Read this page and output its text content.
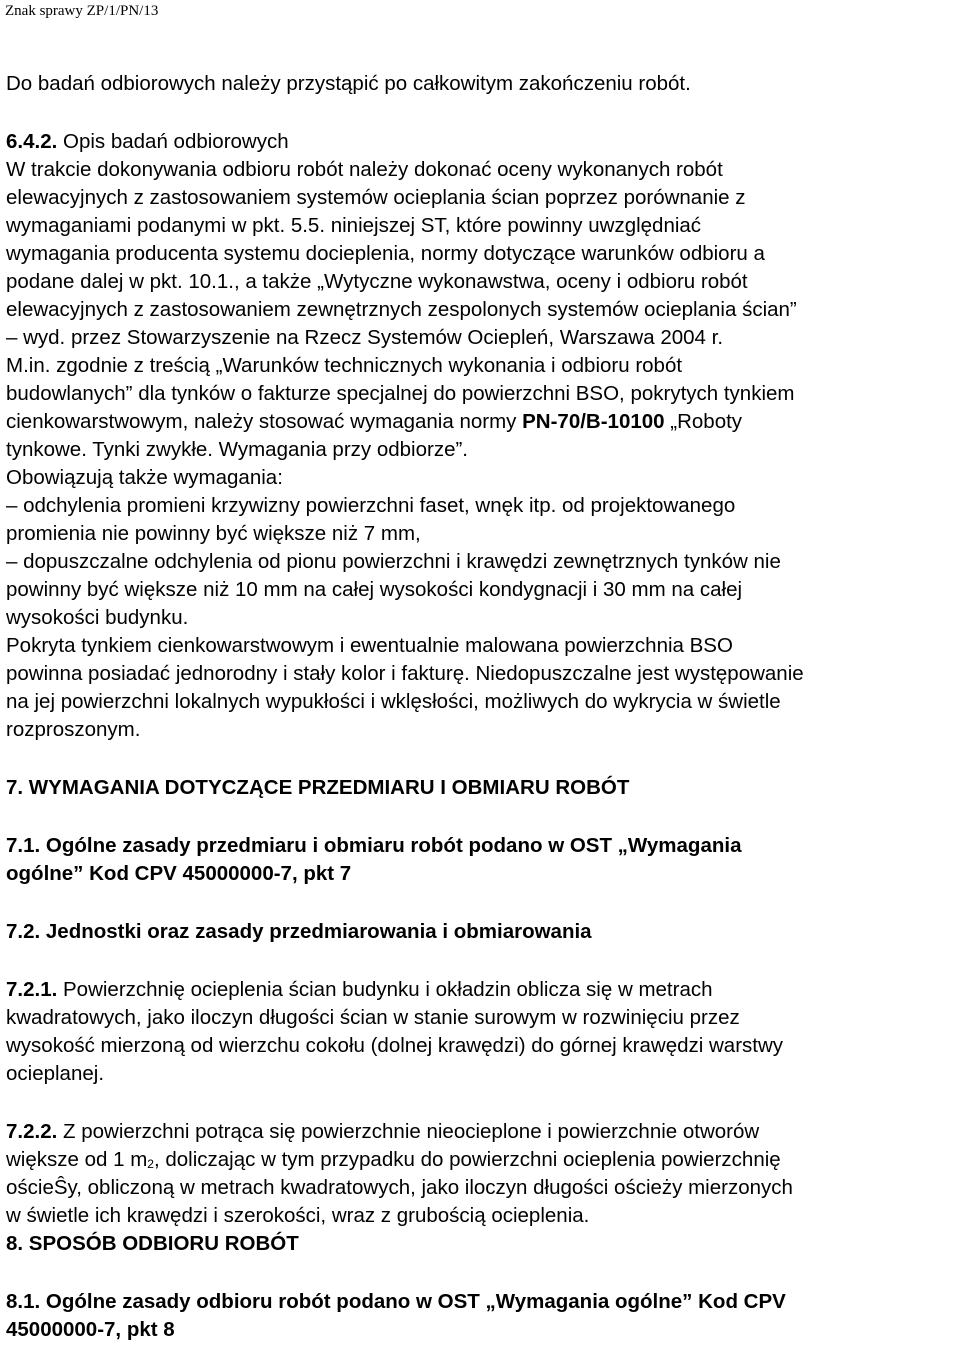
Znak sprawy ZP/1/PN/13
Do badań odbiorowych należy przystąpić po całkowitym zakończeniu robót.
6.4.2. Opis badań odbiorowych
W trakcie dokonywania odbioru robót należy dokonać oceny wykonanych robót
elewacyjnych z zastosowaniem systemów ocieplania ścian poprzez porównanie z
wymaganiami podanymi w pkt. 5.5. niniejszej ST, które powinny uwzględniać
wymagania producenta systemu docieplenia, normy dotyczące warunków odbioru a
podane dalej w pkt. 10.1., a także „Wytyczne wykonawstwa, oceny i odbioru robót
elewacyjnych z zastosowaniem zewnętrznych zespolonych systemów ocieplania ścian”
– wyd. przez Stowarzyszenie na Rzecz Systemów Ociepleń, Warszawa 2004 r.
M.in. zgodnie z treścią „Warunków technicznych wykonania i odbioru robót
budowlanych” dla tynków o fakturze specjalnej do powierzchni BSO, pokrytych tynkiem
cienkowarstwowym, należy stosować wymagania normy PN-70/B-10100 „Roboty
tynkowe. Tynki zwykłe. Wymagania przy odbiorze”.
Obowiązują także wymagania:
– odchylenia promieni krzywizny powierzchni faset, wnęk itp. od projektowanego
promienia nie powinny być większe niż 7 mm,
– dopuszczalne odchylenia od pionu powierzchni i krawędzi zewnętrznych tynków nie
powinny być większe niż 10 mm na całej wysokości kondygnacji i 30 mm na całej
wysokości budynku.
Pokryta tynkiem cienkowarstwowym i ewentualnie malowana powierzchnia BSO
powinna posiadać jednorodny i stały kolor i fakturę. Niedopuszczalne jest występowanie
na jej powierzchni lokalnych wypukłości i wklęsłości, możliwych do wykrycia w świetle
rozproszonym.
7. WYMAGANIA DOTYCZĄCE PRZEDMIARU I OBMIARU ROBÓT
7.1. Ogólne zasady przedmiaru i obmiaru robót podano w OST „Wymagania
ogólne” Kod CPV 45000000-7, pkt 7
7.2. Jednostki oraz zasady przedmiarowania i obmiarowania
7.2.1. Powierzchnię ocieplenia ścian budynku i okładzin oblicza się w metrach
kwadratowych, jako iloczyn długości ścian w stanie surowym w rozwinięciu przez
wysokość mierzoną od wierzchu cokołu (dolnej krawędzi) do górnej krawędzi warstwy
ocieplanej.
7.2.2. Z powierzchni potrąca się powierzchnie nieocieplone i powierzchnie otworów
większe od 1 $m_2$, doliczając w tym przypadku do powierzchni ocieplenia powierzchnię
ościeŜy, obliczoną w metrach kwadratowych, jako iloczyn długości ościeży mierzonych
w świetle ich krawędzi i szerokości, wraz z grubością ocieplenia.
8. SPOSÓB ODBIORU ROBÓT
8.1. Ogólne zasady odbioru robót podano w OST „Wymagania ogólne” Kod CPV
45000000-7, pkt 8
